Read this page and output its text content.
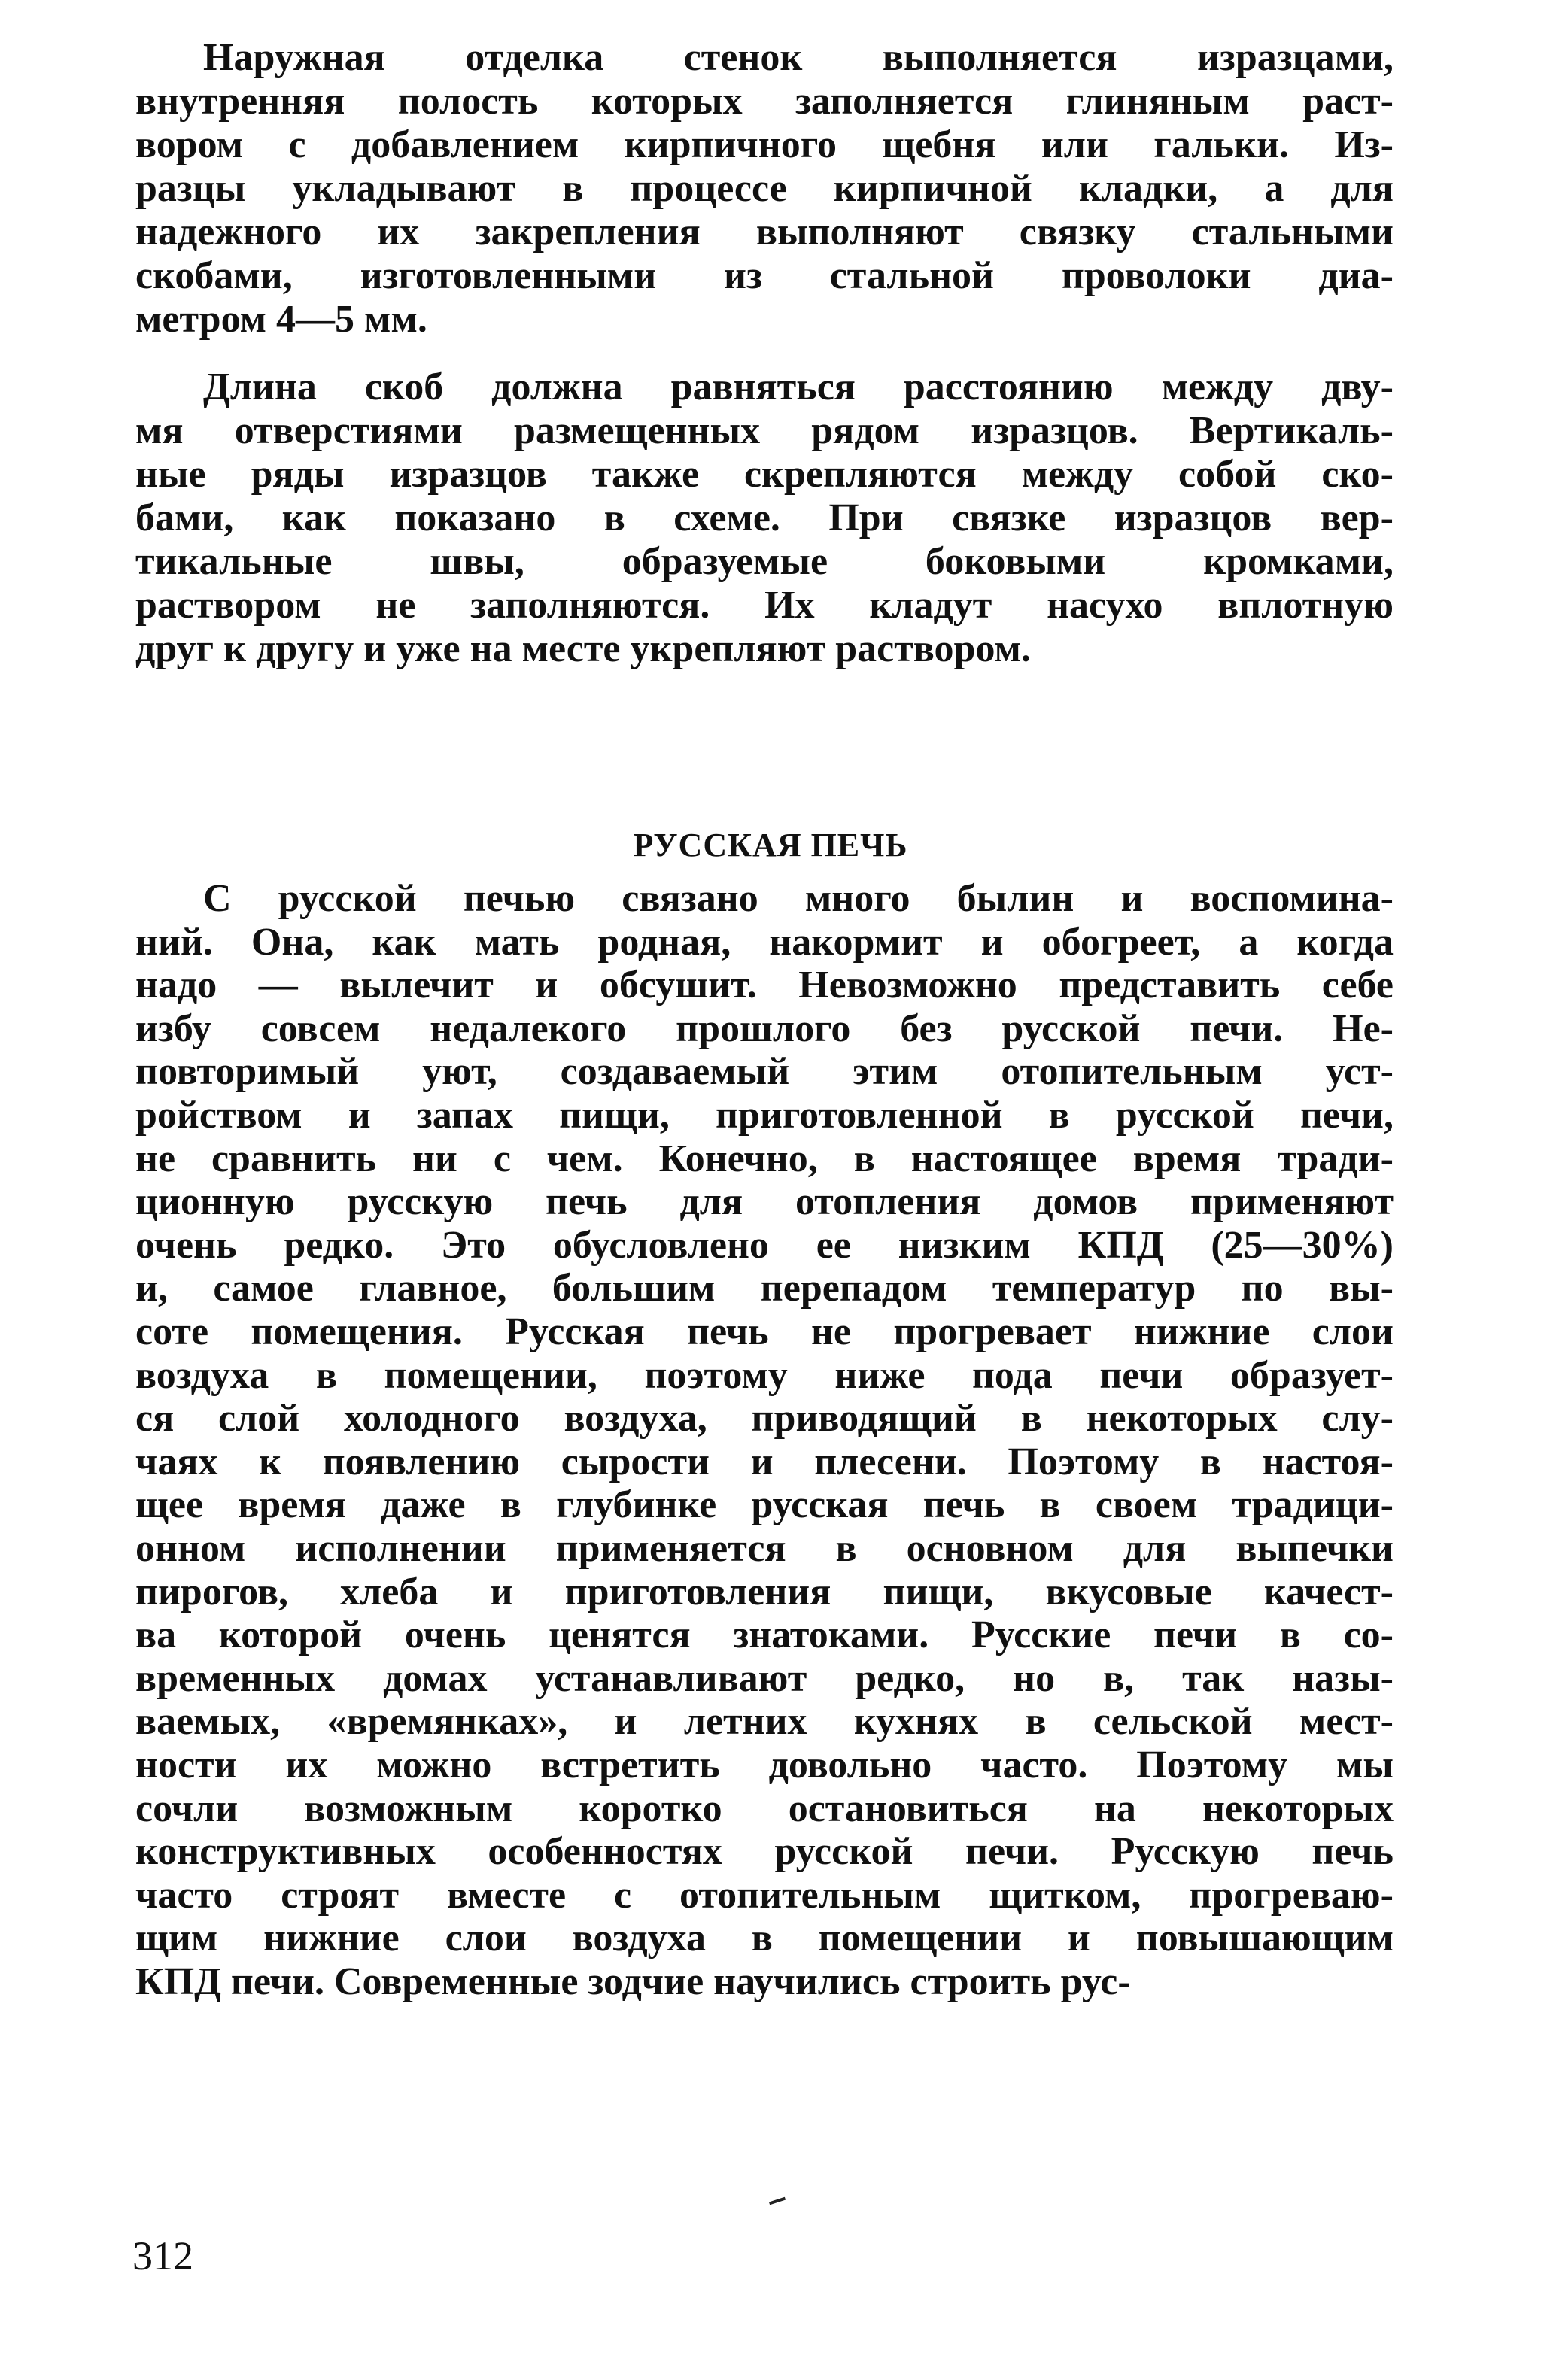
Наружная отделка стенок выполняется изразцами,
внутренняя полость которых заполняется глиняным раст-
вором с добавлением кирпичного щебня или гальки. Из-
разцы укладывают в процессе кирпичной кладки, а для
надежного их закрепления выполняют связку стальными
скобами, изготовленными из стальной проволоки диа-
метром 4—5 мм.
Длина скоб должна равняться расстоянию между дву-
мя отверстиями размещенных рядом изразцов. Вертикаль-
ные ряды изразцов также скрепляются между собой ско-
бами, как показано в схеме. При связке изразцов вер-
тикальные швы, образуемые боковыми кромками,
раствором не заполняются. Их кладут насухо вплотную
друг к другу и уже на месте укрепляют раствором.
РУССКАЯ ПЕЧЬ
С русской печью связано много былин и воспомина-
ний. Она, как мать родная, накормит и обогреет, а когда
надо — вылечит и обсушит. Невозможно представить себе
избу совсем недалекого прошлого без русской печи. Не-
повторимый уют, создаваемый этим отопительным уст-
ройством и запах пищи, приготовленной в русской печи,
не сравнить ни с чем. Конечно, в настоящее время тради-
ционную русскую печь для отопления домов применяют
очень редко. Это обусловлено ее низким КПД (25—30%)
и, самое главное, большим перепадом температур по вы-
соте помещения. Русская печь не прогревает нижние слои
воздуха в помещении, поэтому ниже пода печи образует-
ся слой холодного воздуха, приводящий в некоторых слу-
чаях к появлению сырости и плесени. Поэтому в настоя-
щее время даже в глубинке русская печь в своем традици-
онном исполнении применяется в основном для выпечки
пирогов, хлеба и приготовления пищи, вкусовые качест-
ва которой очень ценятся знатоками. Русские печи в со-
временных домах устанавливают редко, но в, так назы-
ваемых, «времянках», и летних кухнях в сельской мест-
ности их можно встретить довольно часто. Поэтому мы
сочли возможным коротко остановиться на некоторых
конструктивных особенностях русской печи. Русскую печь
часто строят вместе с отопительным щитком, прогреваю-
щим нижние слои воздуха в помещении и повышающим
КПД печи. Современные зодчие научились строить рус-
312
